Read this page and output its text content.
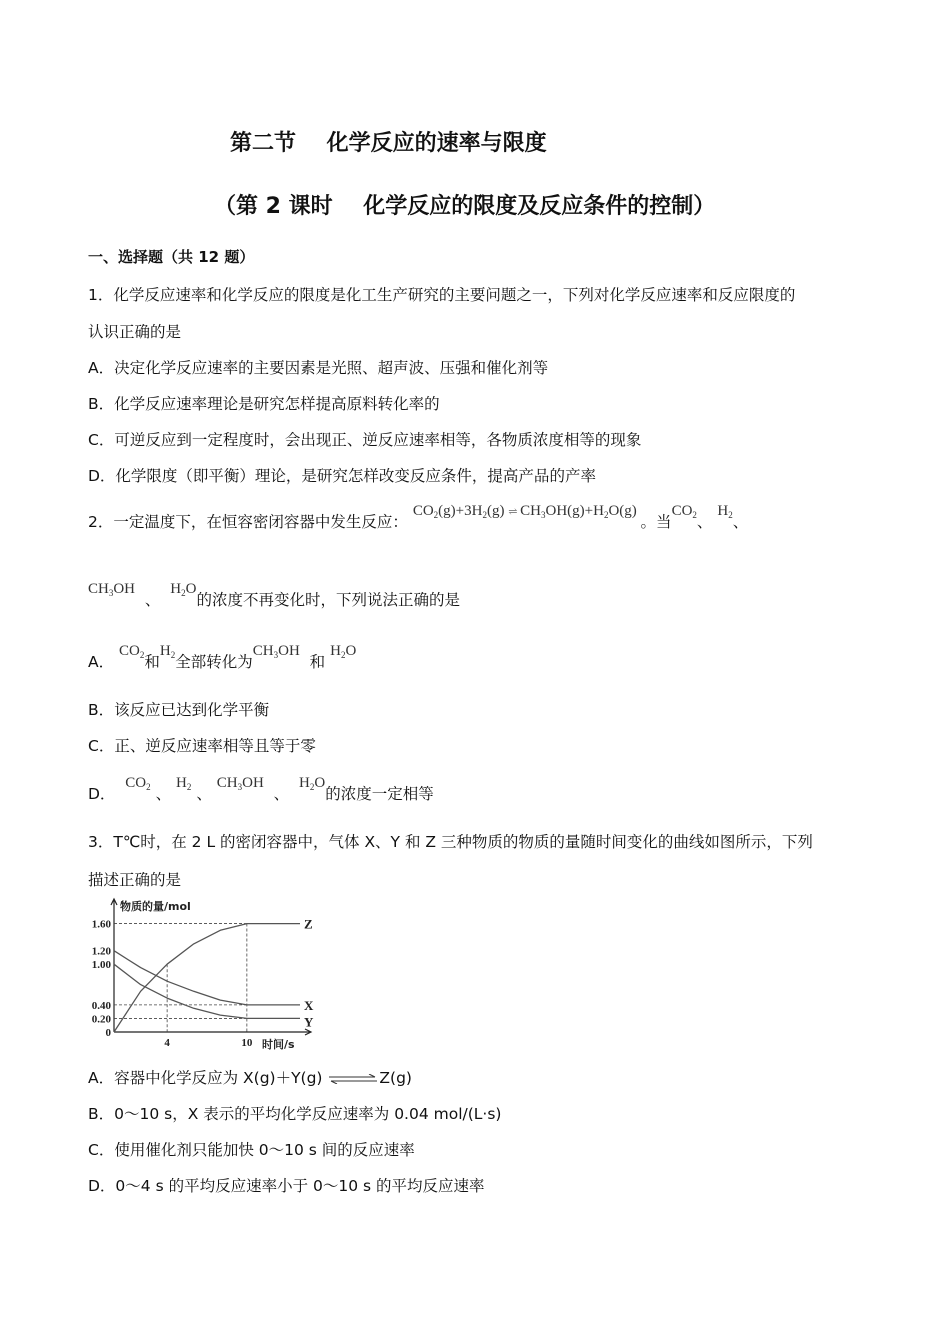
第二节    化学反应的速率与限度
（第 2 课时    化学反应的限度及反应条件的控制）
一、选择题（共 12 题）
1．化学反应速率和化学反应的限度是化工生产研究的主要问题之一，下列对化学反应速率和反应限度的
认识正确的是
A．决定化学反应速率的主要因素是光照、超声波、压强和催化剂等
B．化学反应速率理论是研究怎样提高原料转化率的
C．可逆反应到一定程度时，会出现正、逆反应速率相等，各物质浓度相等的现象
D．化学限度（即平衡）理论，是研究怎样改变反应条件，提高产品的产率
2．一定温度下，在恒容密闭容器中发生反应： $CO_2(g)+3H_2(g)$ ⇌ $CH_3OH(g)+H_2O(g)$ 。当$CO_2$、 $H_2$、
$CH_3OH$  、  $H_2O$的浓度不再变化时，下列说法正确的是
A． $CO_2$和$H_2$全部转化为$CH_3OH$  和 $H_2O$
B．该反应已达到化学平衡
C．正、逆反应速率相等且等于零
D．  $CO_2$ 、 $H_2$ 、 $CH_3OH$  、  $H_2O$的浓度一定相等
3．T℃时，在 2 L 的密闭容器中，气体 X、Y 和 Z 三种物质的物质的量随时间变化的曲线如图所示，下列
描述正确的是
物质的量/mol
时间/s
1.60
1.20
1.00
0.40
0.20
0
4	10
Z
X
Y
A．容器中化学反应为 X(g)＋Y(g) ⇌Z(g)
B．0～10 s，X 表示的平均化学反应速率为 0.04 mol/(L·s)
C．使用催化剂只能加快 0～10 s 间的反应速率
D．0～4 s 的平均反应速率小于 0～10 s 的平均反应速率
